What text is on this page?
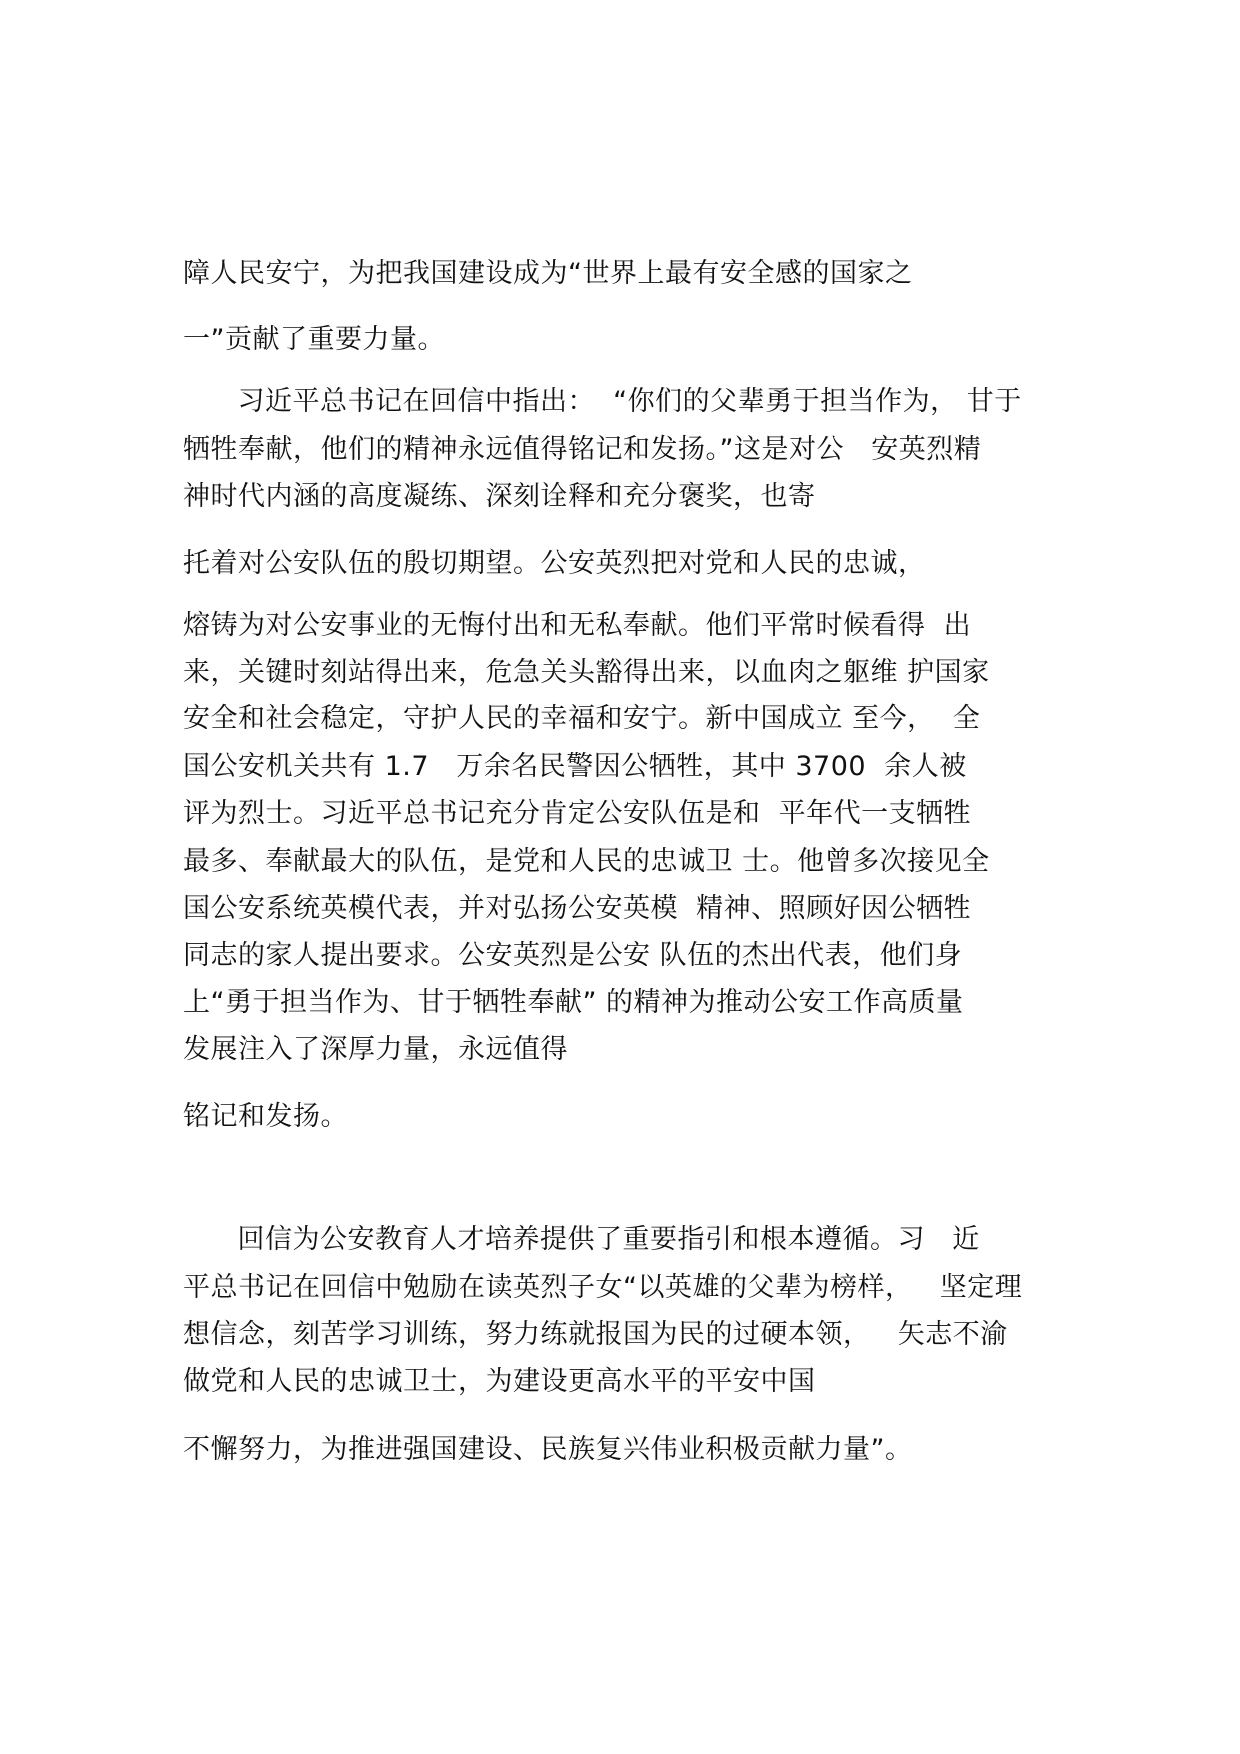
障人民安宁，为把我国建设成为“世界上最有安全感的国家之
一”贡献了重要力量。
习近平总书记在回信中指出：  “你们的父辈勇于担当作为， 甘于
牺牲奉献，他们的精神永远值得铭记和发扬。”这是对公   安英烈精
神时代内涵的高度凝练、深刻诠释和充分褒奖，也寄
托着对公安队伍的殷切期望。公安英烈把对党和人民的忠诚，
熔铸为对公安事业的无悔付出和无私奉献。他们平常时候看得  出
来，关键时刻站得出来，危急关头豁得出来，以血肉之躯维 护国家
安全和社会稳定，守护人民的幸福和安宁。新中国成立 至今，  全
国公安机关共有 1.7   万余名民警因公牺牲，其中 3700  余人被
评为烈士。习近平总书记充分肯定公安队伍是和  平年代一支牺牲
最多、奉献最大的队伍，是党和人民的忠诚卫 士。他曾多次接见全
国公安系统英模代表，并对弘扬公安英模  精神、照顾好因公牺牲
同志的家人提出要求。公安英烈是公安 队伍的杰出代表，他们身
上“勇于担当作为、甘于牺牲奉献” 的精神为推动公安工作高质量
发展注入了深厚力量，永远值得
铭记和发扬。
回信为公安教育人才培养提供了重要指引和根本遵循。习   近
平总书记在回信中勉励在读英烈子女“以英雄的父辈为榜样，   坚定理
想信念，刻苦学习训练，努力练就报国为民的过硬本领，   矢志不渝
做党和人民的忠诚卫士，为建设更高水平的平安中国
不懈努力，为推进强国建设、民族复兴伟业积极贡献力量”。
